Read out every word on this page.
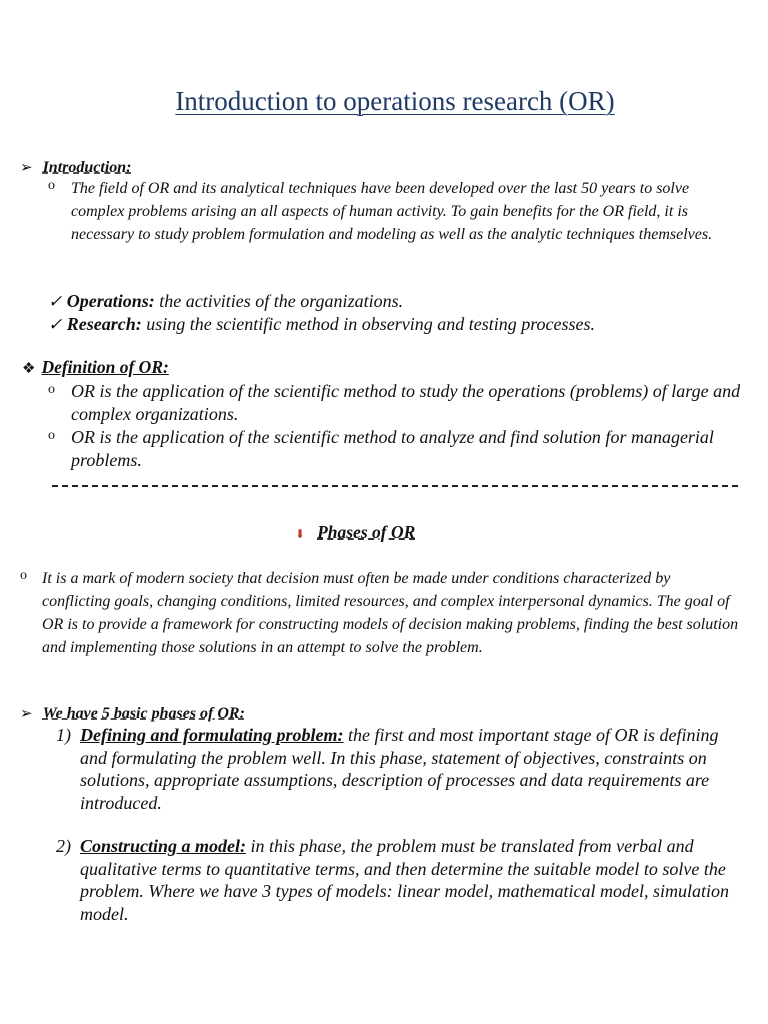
Introduction to operations research (OR)
➢ Introduction:
o The field of OR and its analytical techniques have been developed over the last 50 years to solve complex problems arising an all aspects of human activity. To gain benefits for the OR field, it is necessary to study problem formulation and modeling as well as the analytic techniques themselves.
✓ Operations: the activities of the organizations.
✓ Research: using the scientific method in observing and testing processes.
❖ Definition of OR:
o OR is the application of the scientific method to study the operations (problems) of large and complex organizations.
o OR is the application of the scientific method to analyze and find solution for managerial problems.
⬇ Phases of OR
o It is a mark of modern society that decision must often be made under conditions characterized by conflicting goals, changing conditions, limited resources, and complex interpersonal dynamics. The goal of OR is to provide a framework for constructing models of decision making problems, finding the best solution and implementing those solutions in an attempt to solve the problem.
➢ We have 5 basic phases of OR:
1) Defining and formulating problem: the first and most important stage of OR is defining and formulating the problem well. In this phase, statement of objectives, constraints on solutions, appropriate assumptions, description of processes and data requirements are introduced.
2) Constructing a model: in this phase, the problem must be translated from verbal and qualitative terms to quantitative terms, and then determine the suitable model to solve the problem. Where we have 3 types of models: linear model, mathematical model, simulation model.
